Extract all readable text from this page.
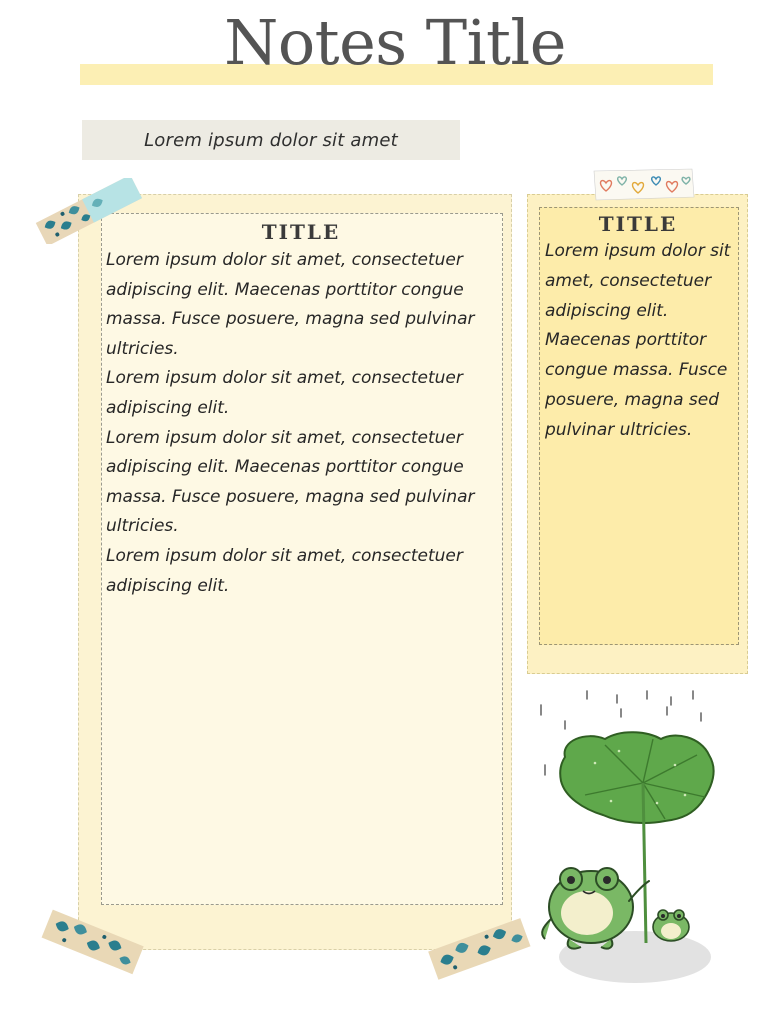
Notes Title
Lorem ipsum dolor sit amet
TITLE

Lorem ipsum dolor sit amet, consectetuer adipiscing elit. Maecenas porttitor congue massa. Fusce posuere, magna sed pulvinar ultricies.

Lorem ipsum dolor sit amet, consectetuer adipiscing elit.

Lorem ipsum dolor sit amet, consectetuer adipiscing elit. Maecenas porttitor congue massa. Fusce posuere, magna sed pulvinar ultricies.

Lorem ipsum dolor sit amet, consectetuer adipiscing elit.

TITLE

Lorem ipsum dolor sit amet, consectetuer adipiscing elit. Maecenas porttitor congue massa. Fusce posuere, magna sed pulvinar ultricies.
